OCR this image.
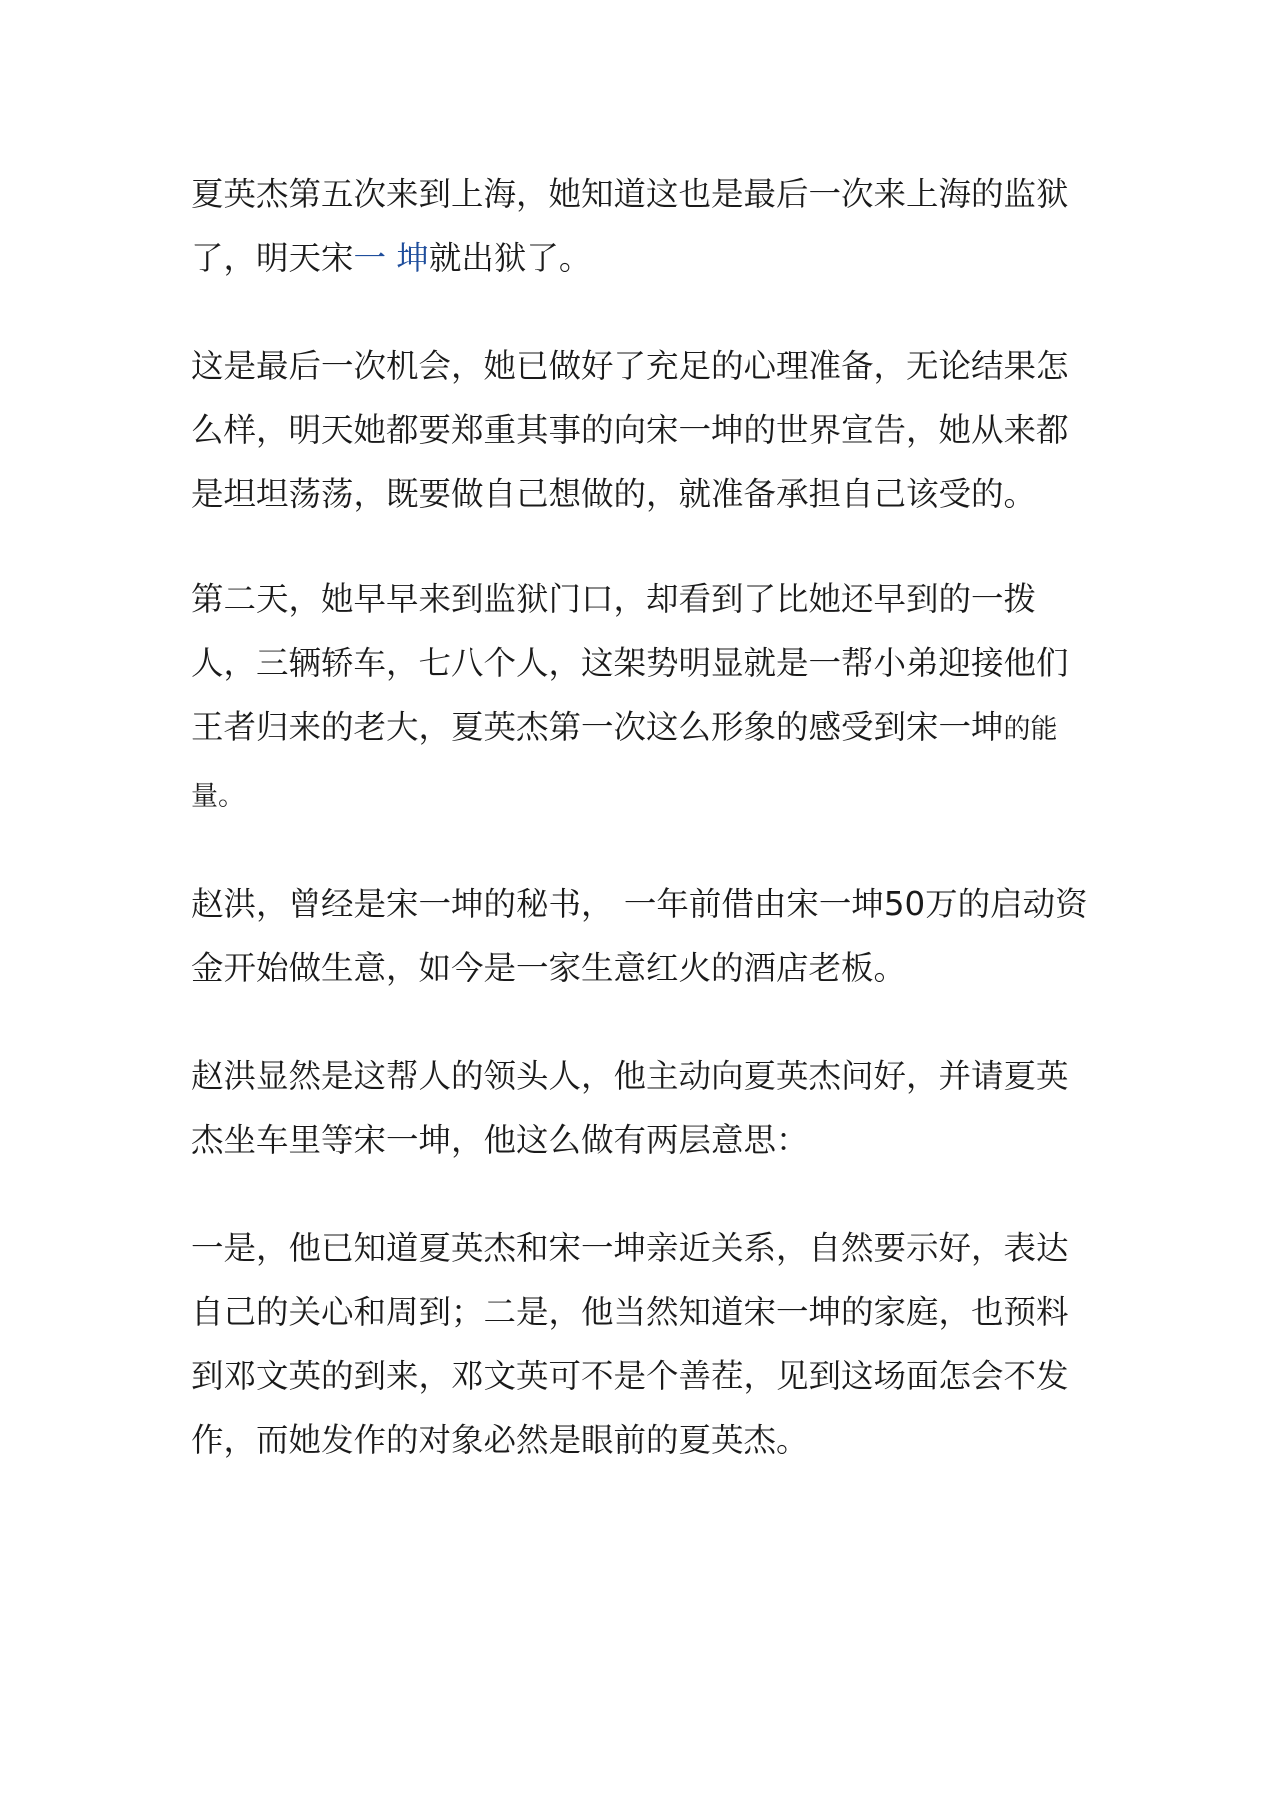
夏英杰第五次来到上海，她知道这也是最后一次来上海的监狱了，明天宋一 坤就出狱了。

这是最后一次机会，她已做好了充足的心理准备，无论结果怎么样，明天她都要郑重其事的向宋一坤的世界宣告，她从来都是坦坦荡荡，既要做自己想做的，就准备承担自己该受的。

第二天，她早早来到监狱门口，却看到了比她还早到的一拨人，三辆轿车，七八个人，这架势明显就是一帮小弟迎接他们王者归来的老大，夏英杰第一次这么形象的感受到宋一坤的能量。

赵洪，曾经是宋一坤的秘书， 一年前借由宋一坤50万的启动资金开始做生意，如今是一家生意红火的酒店老板。

赵洪显然是这帮人的领头人，他主动向夏英杰问好，并请夏英杰坐车里等宋一坤，他这么做有两层意思：

一是，他已知道夏英杰和宋一坤亲近关系，自然要示好，表达自己的关心和周到；二是，他当然知道宋一坤的家庭，也预料到邓文英的到来，邓文英可不是个善茬，见到这场面怎会不发作，而她发作的对象必然是眼前的夏英杰。
